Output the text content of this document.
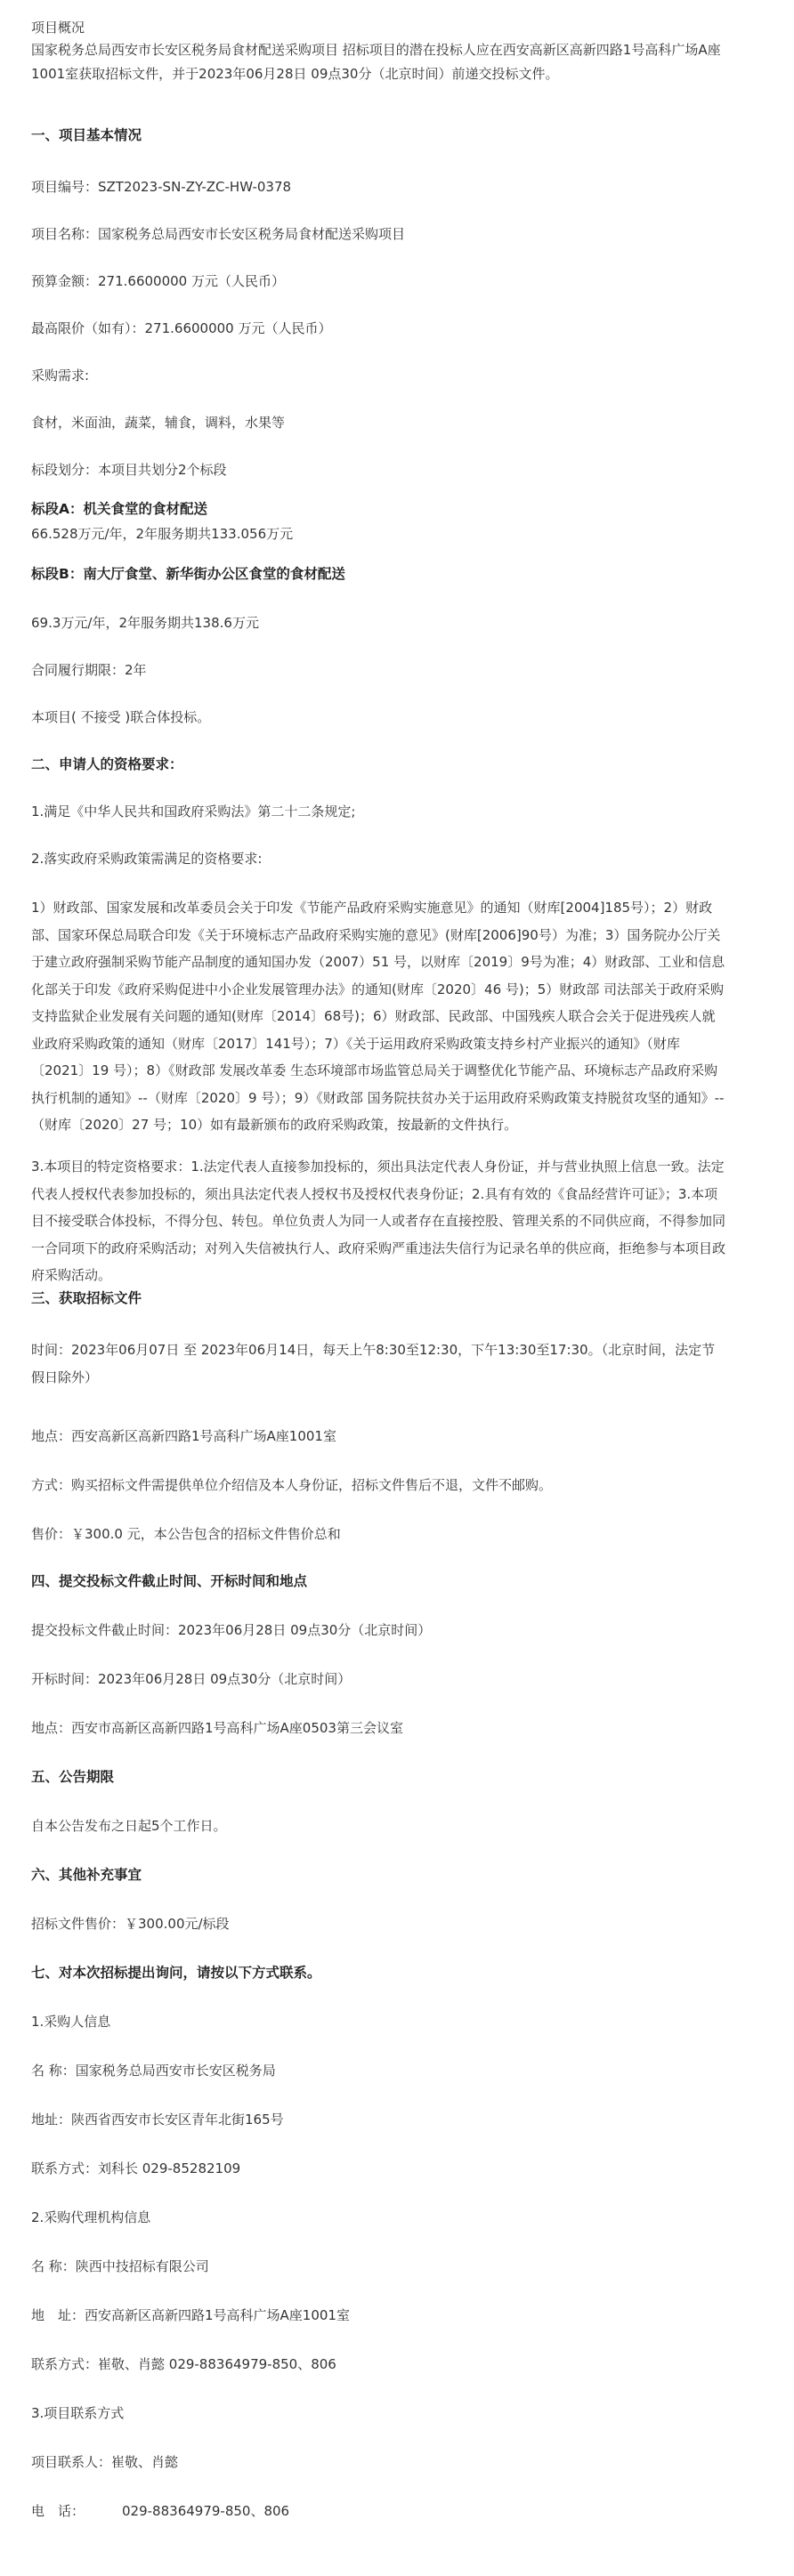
项目概况

国家税务总局西安市长安区税务局食材配送采购项目 招标项目的潜在投标人应在西安高新区高新四路1号高科广场A座1001室获取招标文件，并于2023年06月28日 09点30分（北京时间）前递交投标文件。

一、项目基本情况

项目编号：SZT2023-SN-ZY-ZC-HW-0378

项目名称：国家税务总局西安市长安区税务局食材配送采购项目

预算金额：271.6600000 万元（人民币）

最高限价（如有）：271.6600000 万元（人民币）

采购需求:

食材，米面油，蔬菜，辅食，调料，水果等

标段划分：本项目共划分2个标段

标段A：机关食堂的食材配送

66.528万元/年，2年服务期共133.056万元

标段B：南大厅食堂、新华街办公区食堂的食材配送

69.3万元/年，2年服务期共138.6万元

合同履行期限：2年

本项目( 不接受 )联合体投标。

二、申请人的资格要求：

1.满足《中华人民共和国政府采购法》第二十二条规定;

2.落实政府采购政策需满足的资格要求:

1）财政部、国家发展和改革委员会关于印发《节能产品政府采购实施意见》的通知（财库[2004]185号）；2）财政部、国家环保总局联合印发《关于环境标志产品政府采购实施的意见》(财库[2006]90号）为准；3）国务院办公厅关于建立政府强制采购节能产品制度的通知国办发（2007）51 号，以财库〔2019〕9号为准；4）财政部、工业和信息化部关于印发《政府采购促进中小企业发展管理办法》的通知(财库〔2020〕46 号)；5）财政部 司法部关于政府采购支持监狱企业发展有关问题的通知(财库〔2014〕68号)；6）财政部、民政部、中国残疾人联合会关于促进残疾人就业政府采购政策的通知（财库〔2017〕141号）；7）《关于运用政府采购政策支持乡村产业振兴的通知》（财库〔2021〕19 号）；8）《财政部 发展改革委 生态环境部市场监管总局关于调整优化节能产品、环境标志产品政府采购执行机制的通知》--（财库〔2020〕9 号）；9）《财政部 国务院扶贫办关于运用政府采购政策支持脱贫攻坚的通知》--（财库〔2020〕27 号；10）如有最新颁布的政府采购政策，按最新的文件执行。

3.本项目的特定资格要求：1.法定代表人直接参加投标的，须出具法定代表人身份证，并与营业执照上信息一致。法定代表人授权代表参加投标的，须出具法定代表人授权书及授权代表身份证；2.具有有效的《食品经营许可证》；3.本项目不接受联合体投标，不得分包、转包。单位负责人为同一人或者存在直接控股、管理关系的不同供应商，不得参加同一合同项下的政府采购活动；对列入失信被执行人、政府采购严重违法失信行为记录名单的供应商，拒绝参与本项目政府采购活动。

三、获取招标文件

时间：2023年06月07日 至 2023年06月14日，每天上午8:30至12:30，下午13:30至17:30。（北京时间，法定节假日除外）

地点：西安高新区高新四路1号高科广场A座1001室

方式：购买招标文件需提供单位介绍信及本人身份证，招标文件售后不退，文件不邮购。

售价：￥300.0 元，本公告包含的招标文件售价总和

四、提交投标文件截止时间、开标时间和地点

提交投标文件截止时间：2023年06月28日 09点30分（北京时间）

开标时间：2023年06月28日 09点30分（北京时间）

地点：西安市高新区高新四路1号高科广场A座0503第三会议室

五、公告期限

自本公告发布之日起5个工作日。

六、其他补充事宜

招标文件售价：￥300.00元/标段

七、对本次招标提出询问，请按以下方式联系。

1.采购人信息

名 称：国家税务总局西安市长安区税务局

地址：陕西省西安市长安区青年北街165号

联系方式：刘科长 029-85282109

2.采购代理机构信息

名 称：陕西中技招标有限公司

地　址：西安高新区高新四路1号高科广场A座1001室

联系方式：崔敬、肖懿 029-88364979-850、806

3.项目联系方式

项目联系人：崔敬、肖懿

电　话：	029-88364979-850、806
